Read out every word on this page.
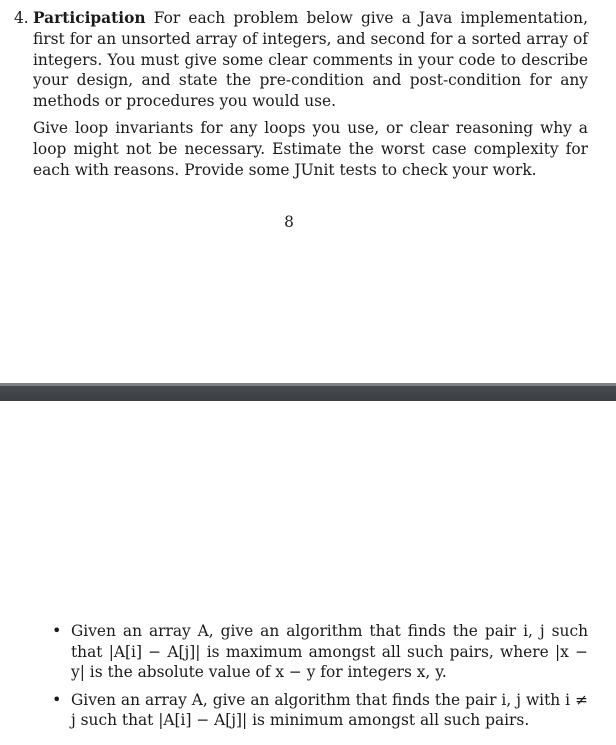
4. Participation For each problem below give a Java implementation, first for an unsorted array of integers, and second for a sorted array of integers. You must give some clear comments in your code to describe your design, and state the pre-condition and post-condition for any methods or procedures you would use.
Give loop invariants for any loops you use, or clear reasoning why a loop might not be necessary. Estimate the worst case complexity for each with reasons. Provide some JUnit tests to check your work.
8
• Given an array A, give an algorithm that finds the pair i, j such that |A[i] − A[j]| is maximum amongst all such pairs, where |x − y| is the absolute value of x − y for integers x, y.
• Given an array A, give an algorithm that finds the pair i, j with i ≠ j such that |A[i] − A[j]| is minimum amongst all such pairs.
